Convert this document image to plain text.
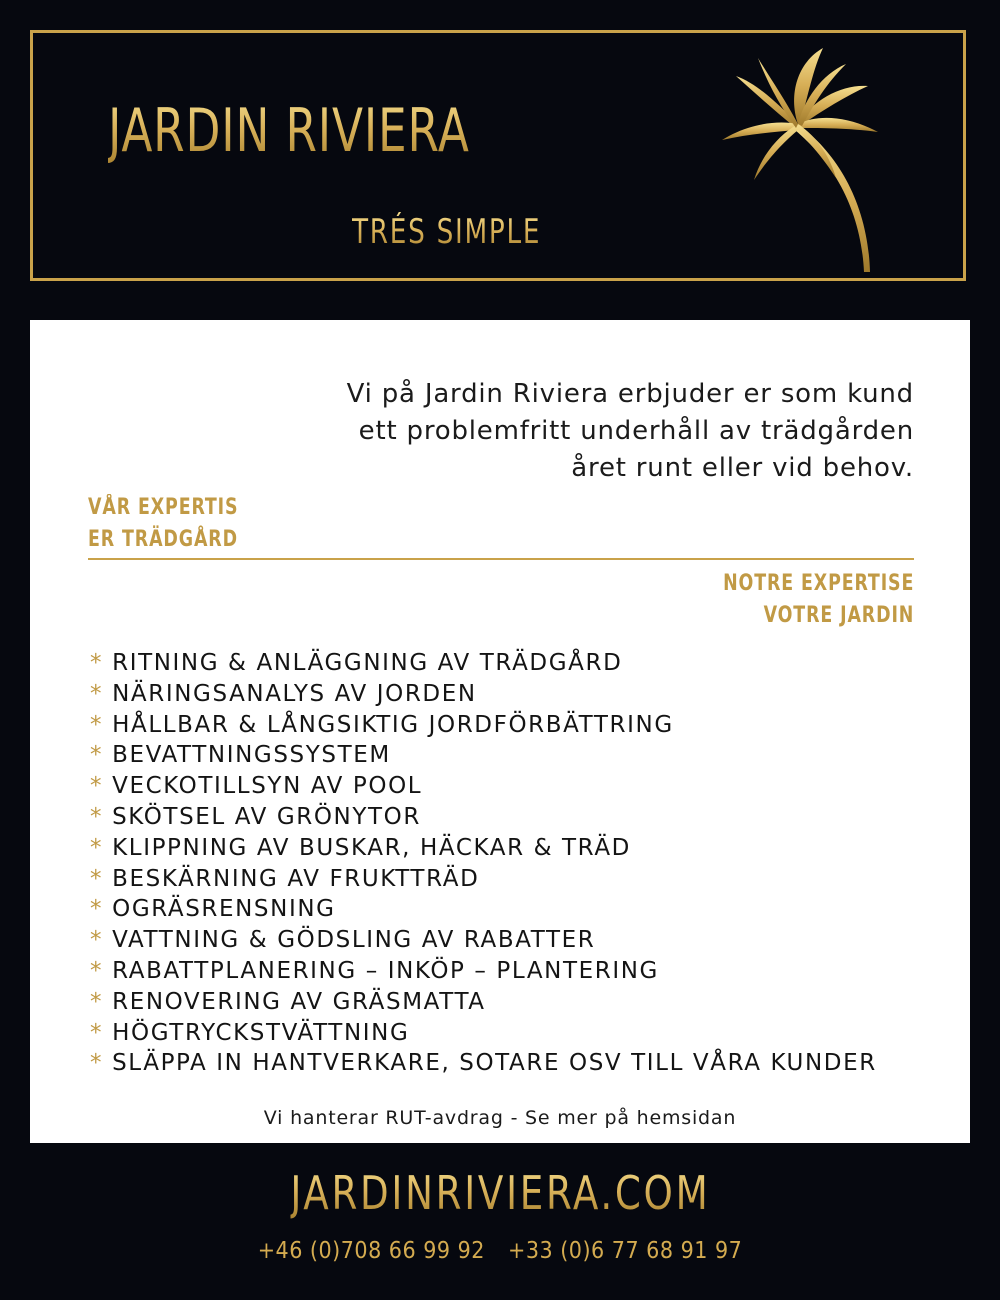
JARDIN RIVIERA
TRÉS SIMPLE
Vi på Jardin Riviera erbjuder er som kund
ett problemfritt underhåll av trädgården
året runt eller vid behov.
VÅR EXPERTIS
ER TRÄDGÅRD
NOTRE EXPERTISE
VOTRE JARDIN
* RITNING & ANLÄGGNING AV TRÄDGÅRD
* NÄRINGSANALYS AV JORDEN
* HÅLLBAR & LÅNGSIKTIG JORDFÖRBÄTTRING
* BEVATTNINGSSYSTEM
* VECKOTILLSYN AV POOL
* SKÖTSEL AV GRÖNYTOR
* KLIPPNING AV BUSKAR, HÄCKAR & TRÄD
* BESKÄRNING AV FRUKTTRÄD
* OGRÄSRENSNING
* VATTNING & GÖDSLING AV RABATTER
* RABATTPLANERING – INKÖP – PLANTERING
* RENOVERING AV GRÄSMATTA
* HÖGTRYCKSTVÄTTNING
* SLÄPPA IN HANTVERKARE, SOTARE OSV TILL VÅRA KUNDER
Vi hanterar RUT-avdrag - Se mer på hemsidan
JARDINRIVIERA.COM
+46 (0)708 66 99 92 +33 (0)6 77 68 91 97
